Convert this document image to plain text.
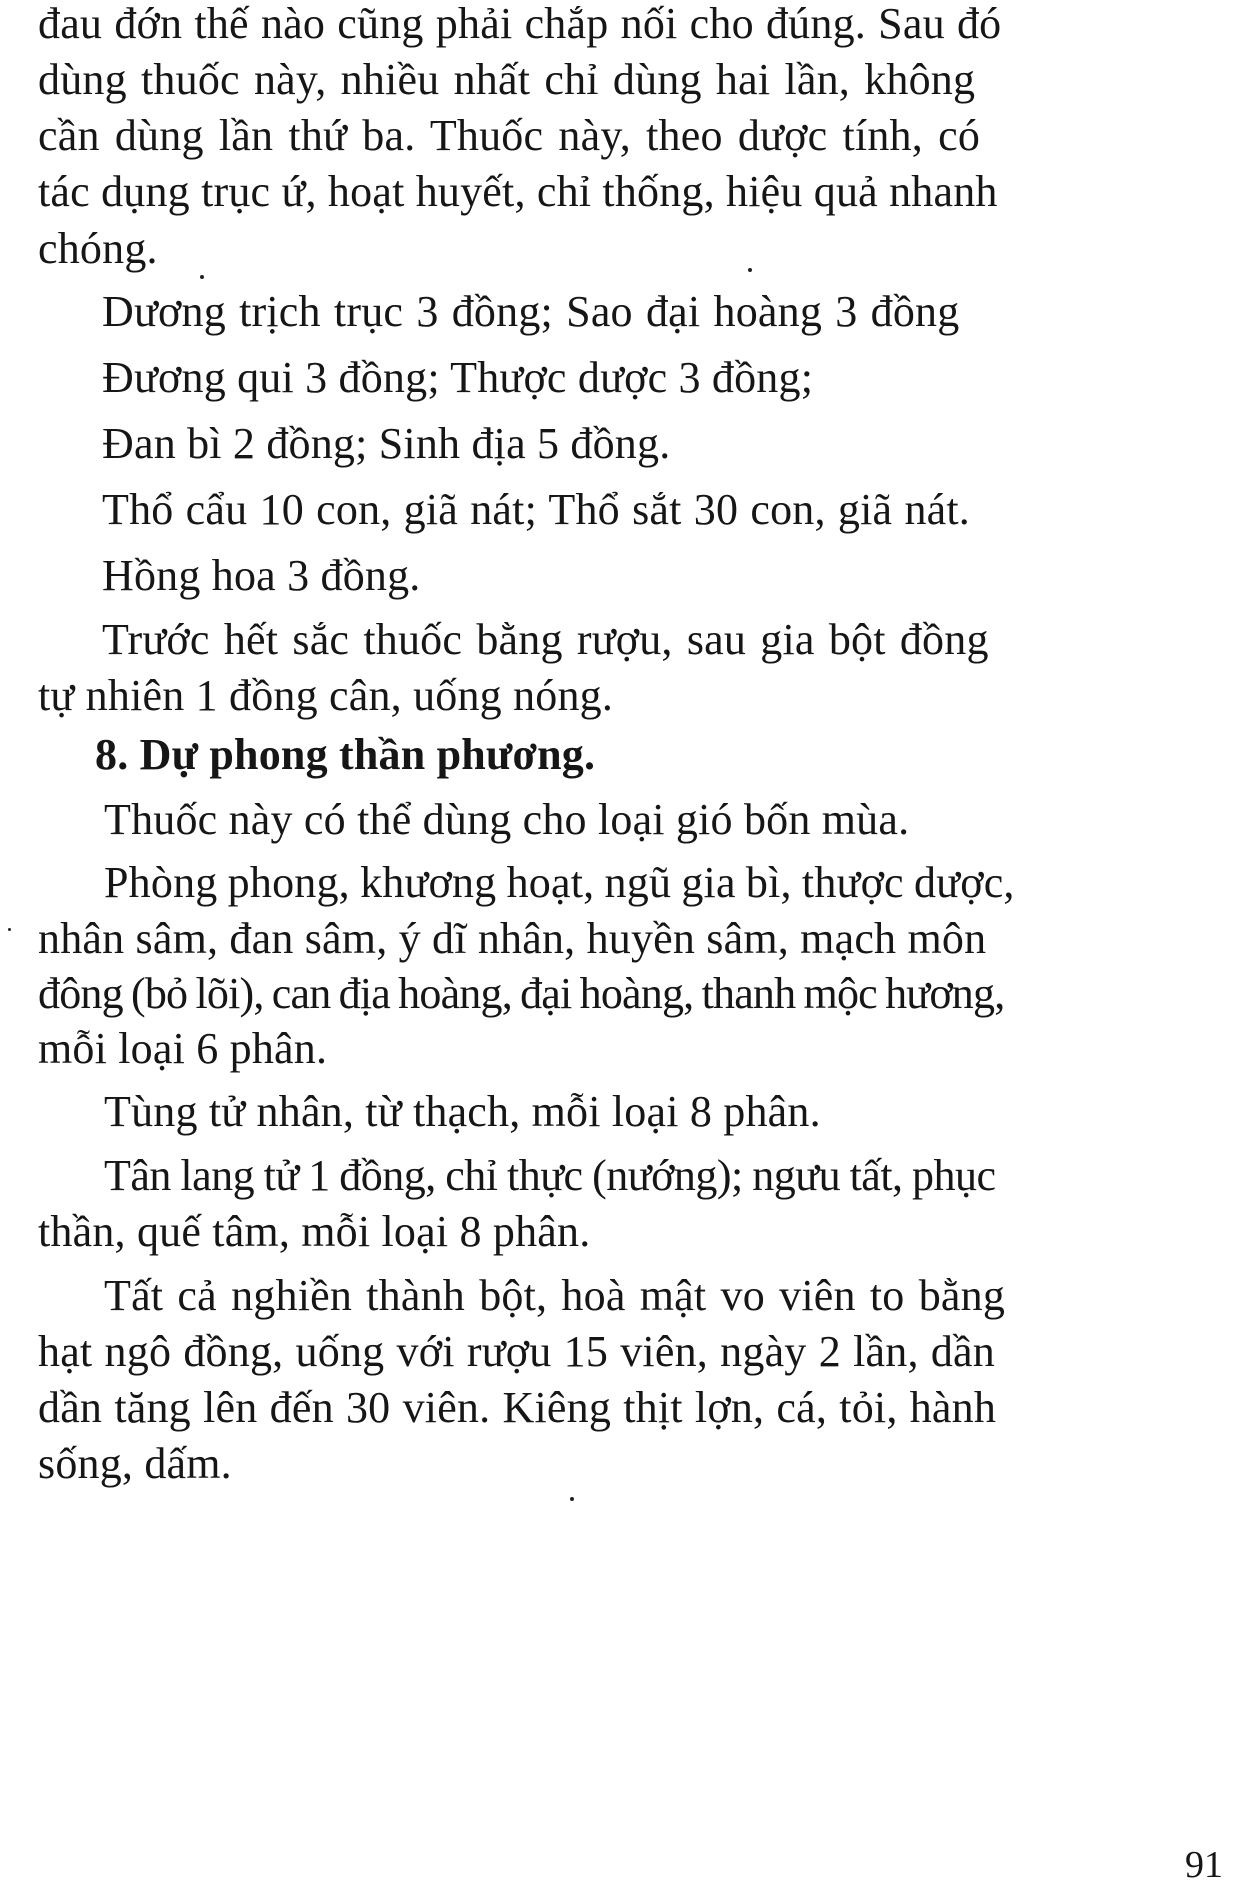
đau đớn thế nào cũng phải chắp nối cho đúng. Sau đó
dùng thuốc này, nhiều nhất chỉ dùng hai lần, không
cần dùng lần thứ ba. Thuốc này, theo dược tính, có
tác dụng trục ứ, hoạt huyết, chỉ thống, hiệu quả nhanh
chóng.
Dương trịch trục 3 đồng; Sao đại hoàng 3 đồng
Đương qui 3 đồng; Thược dược 3 đồng;
Đan bì 2 đồng; Sinh địa 5 đồng.
Thổ cẩu 10 con, giã nát; Thổ sắt 30 con, giã nát.
Hồng hoa 3 đồng.
Trước hết sắc thuốc bằng rượu, sau gia bột đồng
tự nhiên 1 đồng cân, uống nóng.
8. Dự phong thần phương.
Thuốc này có thể dùng cho loại gió bốn mùa.
Phòng phong, khương hoạt, ngũ gia bì, thược dược,
nhân sâm, đan sâm, ý dĩ nhân, huyền sâm, mạch môn
đông (bỏ lõi), can địa hoàng, đại hoàng, thanh mộc hương,
mỗi loại 6 phân.
Tùng tử nhân, từ thạch, mỗi loại 8 phân.
Tân lang tử 1 đồng, chỉ thực (nướng); ngưu tất, phục
thần, quế tâm, mỗi loại 8 phân.
Tất cả nghiền thành bột, hoà mật vo viên to bằng
hạt ngô đồng, uống với rượu 15 viên, ngày 2 lần, dần
dần tăng lên đến 30 viên. Kiêng thịt lợn, cá, tỏi, hành
sống, dấm.
91
